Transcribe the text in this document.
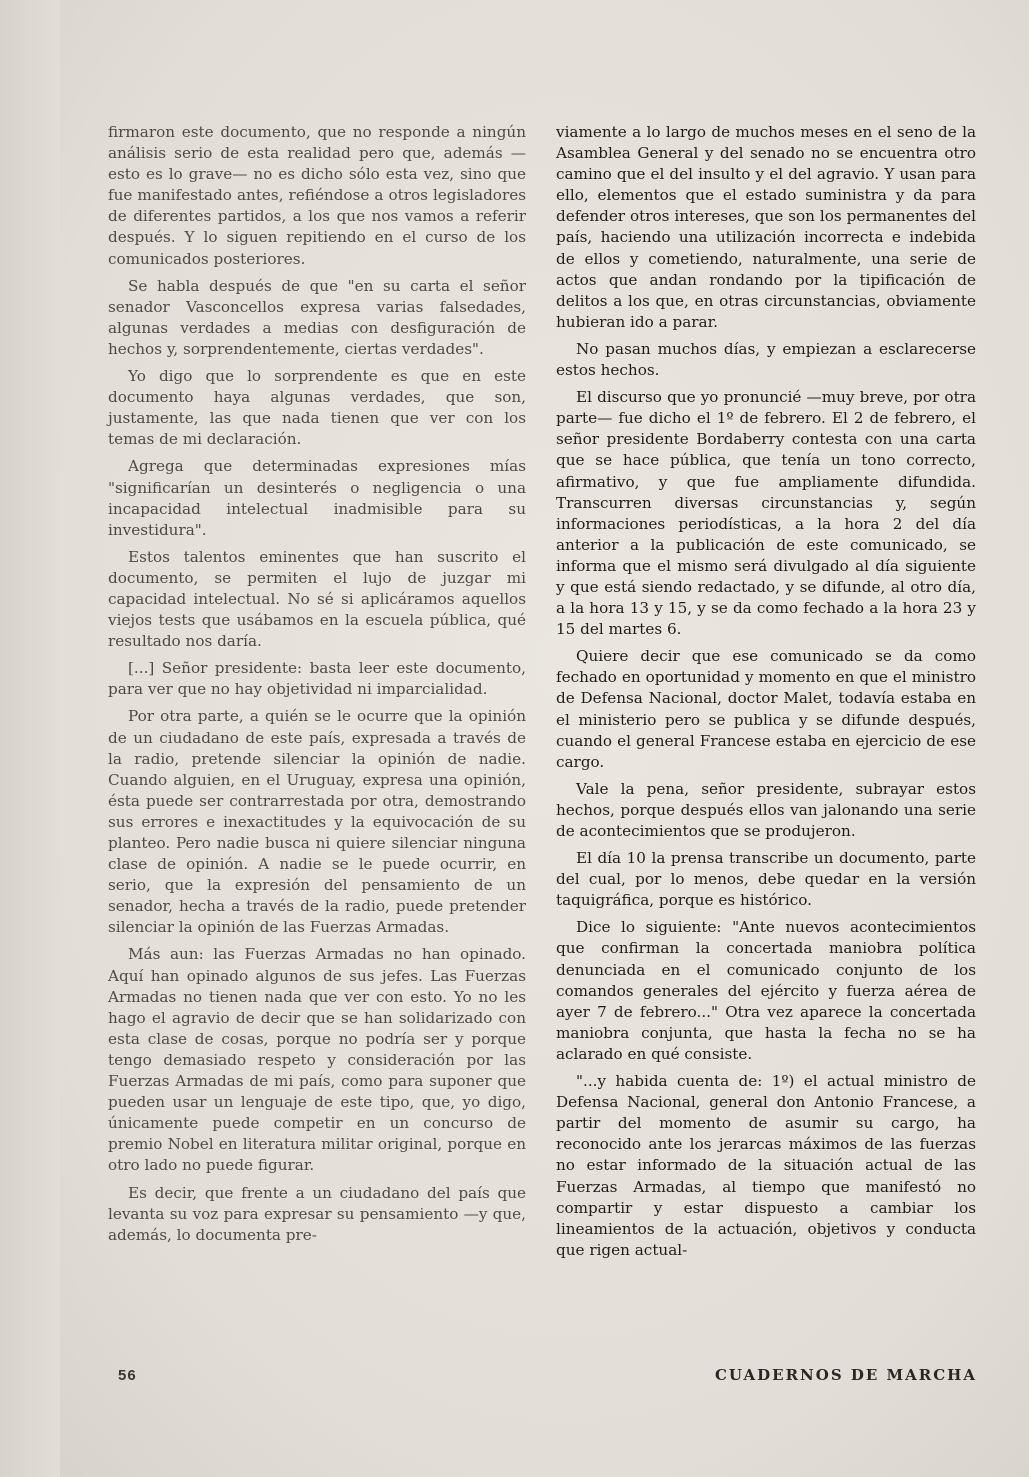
firmaron este documento, que no responde a ningún análisis serio de esta realidad pero que, además —esto es lo grave— no es dicho sólo esta vez, sino que fue manifestado antes, refiéndose a otros legisladores de diferentes partidos, a los que nos vamos a referir después. Y lo siguen repitiendo en el curso de los comunicados posteriores.

Se habla después de que "en su carta el señor senador Vasconcellos expresa varias falsedades, algunas verdades a medias con desfiguración de hechos y, sorprendentemente, ciertas verdades".

Yo digo que lo sorprendente es que en este documento haya algunas verdades, que son, justamente, las que nada tienen que ver con los temas de mi declaración.

Agrega que determinadas expresiones mías "significarían un desinterés o negligencia o una incapacidad intelectual inadmisible para su investidura".

Estos talentos eminentes que han suscrito el documento, se permiten el lujo de juzgar mi capacidad intelectual. No sé si aplicáramos aquellos viejos tests que usábamos en la escuela pública, qué resultado nos daría.

[...] Señor presidente: basta leer este documento, para ver que no hay objetividad ni imparcialidad.

Por otra parte, a quién se le ocurre que la opinión de un ciudadano de este país, expresada a través de la radio, pretende silenciar la opinión de nadie. Cuando alguien, en el Uruguay, expresa una opinión, ésta puede ser contrarrestada por otra, demostrando sus errores e inexactitudes y la equivocación de su planteo. Pero nadie busca ni quiere silenciar ninguna clase de opinión. A nadie se le puede ocurrir, en serio, que la expresión del pensamiento de un senador, hecha a través de la radio, puede pretender silenciar la opinión de las Fuerzas Armadas.

Más aun: las Fuerzas Armadas no han opinado. Aquí han opinado algunos de sus jefes. Las Fuerzas Armadas no tienen nada que ver con esto. Yo no les hago el agravio de decir que se han solidarizado con esta clase de cosas, porque no podría ser y porque tengo demasiado respeto y consideración por las Fuerzas Armadas de mi país, como para suponer que pueden usar un lenguaje de este tipo, que, yo digo, únicamente puede competir en un concurso de premio Nobel en literatura militar original, porque en otro lado no puede figurar.

Es decir, que frente a un ciudadano del país que levanta su voz para expresar su pensamiento —y que, además, lo documenta pre-

viamente a lo largo de muchos meses en el seno de la Asamblea General y del senado no se encuentra otro camino que el del insulto y el del agravio. Y usan para ello, elementos que el estado suministra y da para defender otros intereses, que son los permanentes del país, haciendo una utilización incorrecta e indebida de ellos y cometiendo, naturalmente, una serie de actos que andan rondando por la tipificación de delitos a los que, en otras circunstancias, obviamente hubieran ido a parar.

No pasan muchos días, y empiezan a esclarecerse estos hechos.

El discurso que yo pronuncié —muy breve, por otra parte— fue dicho el 1º de febrero. El 2 de febrero, el señor presidente Bordaberry contesta con una carta que se hace pública, que tenía un tono correcto, afirmativo, y que fue ampliamente difundida. Transcurren diversas circunstancias y, según informaciones periodísticas, a la hora 2 del día anterior a la publicación de este comunicado, se informa que el mismo será divulgado al día siguiente y que está siendo redactado, y se difunde, al otro día, a la hora 13 y 15, y se da como fechado a la hora 23 y 15 del martes 6.

Quiere decir que ese comunicado se da como fechado en oportunidad y momento en que el ministro de Defensa Nacional, doctor Malet, todavía estaba en el ministerio pero se publica y se difunde después, cuando el general Francese estaba en ejercicio de ese cargo.

Vale la pena, señor presidente, subrayar estos hechos, porque después ellos van jalonando una serie de acontecimientos que se produjeron.

El día 10 la prensa transcribe un documento, parte del cual, por lo menos, debe quedar en la versión taquigráfica, porque es histórico.

Dice lo siguiente: "Ante nuevos acontecimientos que confirman la concertada maniobra política denunciada en el comunicado conjunto de los comandos generales del ejército y fuerza aérea de ayer 7 de febrero..." Otra vez aparece la concertada maniobra conjunta, que hasta la fecha no se ha aclarado en qué consiste.

"...y habida cuenta de: 1º) el actual ministro de Defensa Nacional, general don Antonio Francese, a partir del momento de asumir su cargo, ha reconocido ante los jerarcas máximos de las fuerzas no estar informado de la situación actual de las Fuerzas Armadas, al tiempo que manifestó no compartir y estar dispuesto a cambiar los lineamientos de la actuación, objetivos y conducta que rigen actual-

56	CUADERNOS DE MARCHA
